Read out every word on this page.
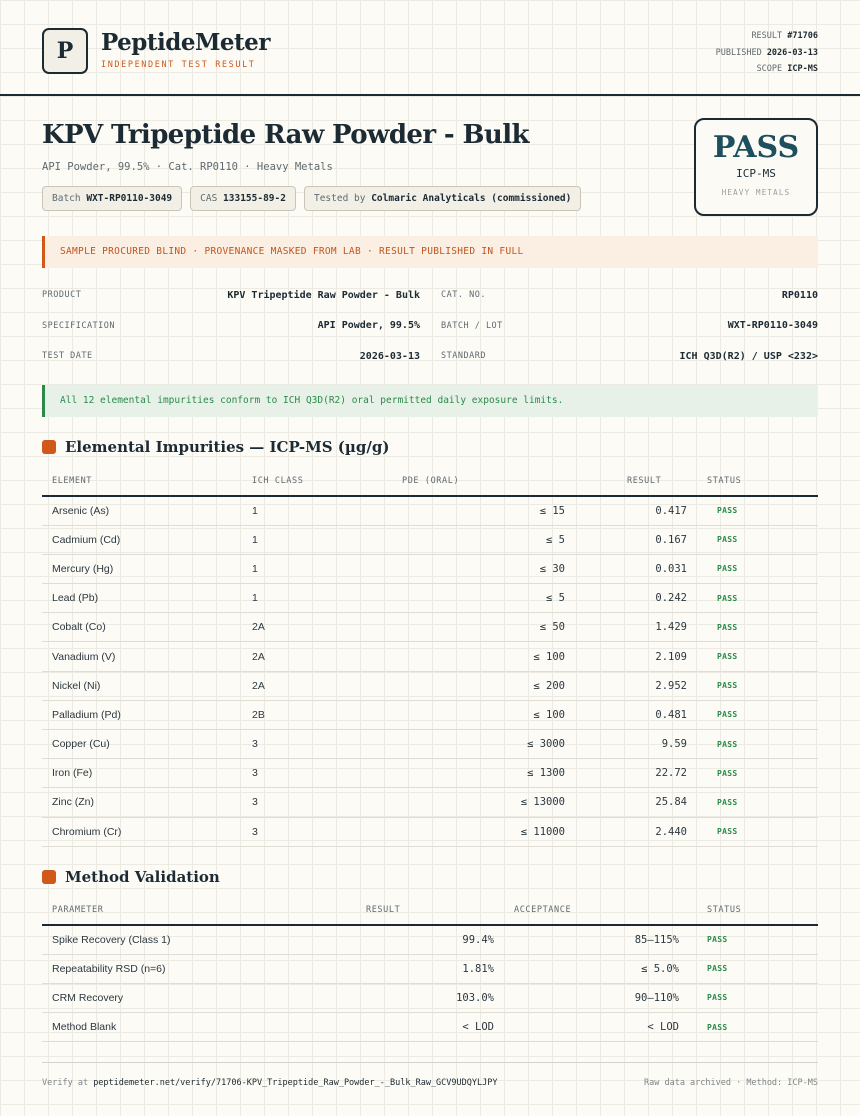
P	PeptideMeter
INDEPENDENT TEST RESULT
RESULT #71706
PUBLISHED 2026-03-13
SCOPE ICP-MS
KPV Tripeptide Raw Powder - Bulk
API Powder, 99.5% · Cat. RP0110 · Heavy Metals
Batch WXT-RP0110-3049	CAS 133155-89-2	Tested by Colmaric Analyticals (commissioned)
PASS
ICP-MS
HEAVY METALS
SAMPLE PROCURED BLIND · PROVENANCE MASKED FROM LAB · RESULT PUBLISHED IN FULL
PRODUCT	KPV Tripeptide Raw Powder - Bulk CAT. NO.	RP0110
SPECIFICATION	API Powder, 99.5% BATCH / LOT	WXT-RP0110-3049
TEST DATE	2026-03-13 STANDARD	ICH Q3D(R2) / USP <232>
All 12 elemental impurities conform to ICH Q3D(R2) oral permitted daily exposure limits.
Elemental Impurities — ICP-MS (µg/g)
ELEMENT	ICH CLASS	PDE (ORAL)	RESULT	STATUS
Arsenic (As)	1	≤ 15	0.417	PASS
Cadmium (Cd)	1	≤ 5	0.167	PASS
Mercury (Hg)	1	≤ 30	0.031	PASS
Lead (Pb)	1	≤ 5	0.242	PASS
Cobalt (Co)	2A	≤ 50	1.429	PASS
Vanadium (V)	2A	≤ 100	2.109	PASS
Nickel (Ni)	2A	≤ 200	2.952	PASS
Palladium (Pd)	2B	≤ 100	0.481	PASS
Copper (Cu)	3	≤ 3000	9.59	PASS
Iron (Fe)	3	≤ 1300	22.72	PASS
Zinc (Zn)	3	≤ 13000	25.84	PASS
Chromium (Cr)	3	≤ 11000	2.440	PASS
Method Validation
PARAMETER	RESULT	ACCEPTANCE	STATUS
Spike Recovery (Class 1)	99.4%	85–115%	PASS
Repeatability RSD (n=6)	1.81%	≤ 5.0%	PASS
CRM Recovery	103.0%	90–110%	PASS
Method Blank	< LOD	< LOD	PASS
Verify at peptidemeter.net/verify/71706-KPV_Tripeptide_Raw_Powder_-_Bulk_Raw_GCV9UDQYLJPY	Raw data archived · Method: ICP-MS
